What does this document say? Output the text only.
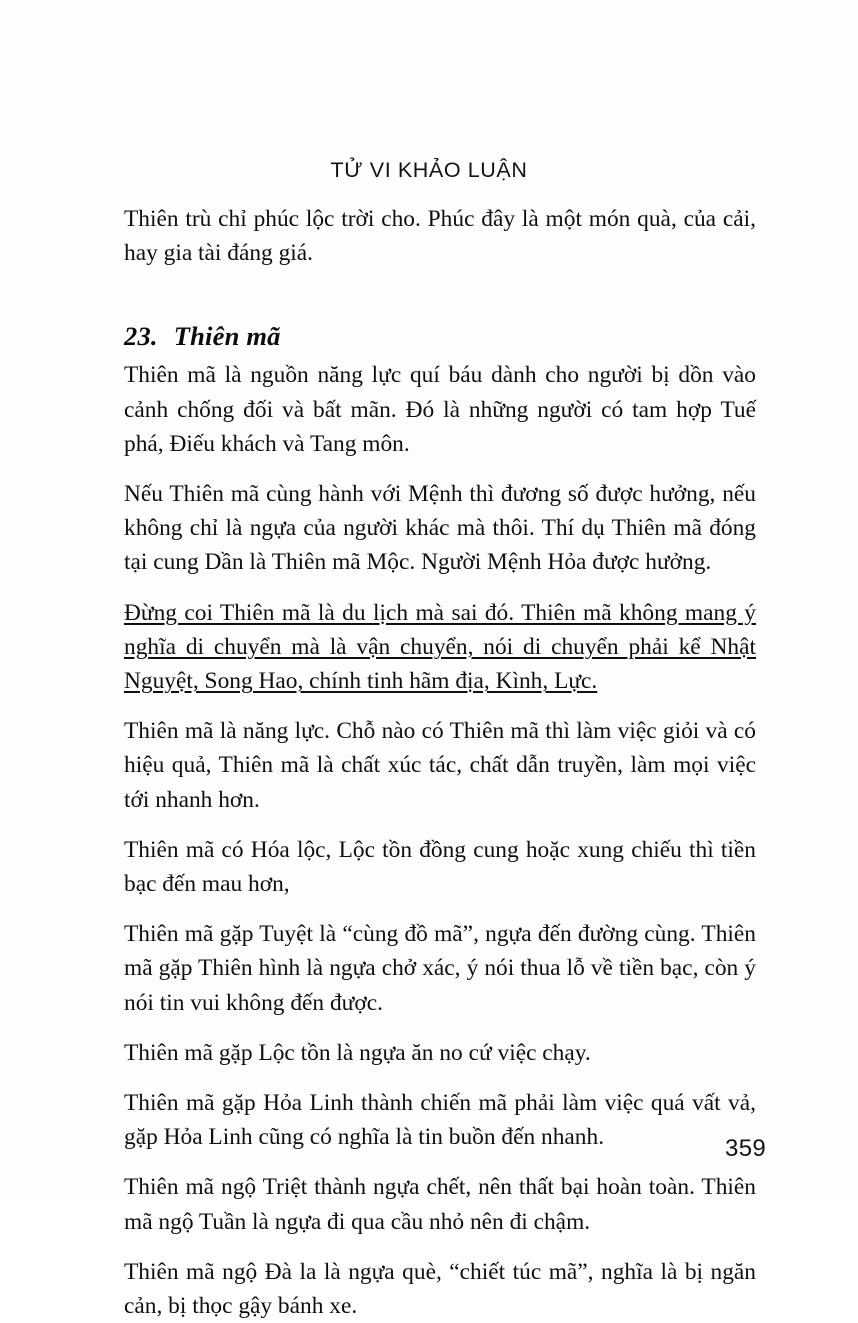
TỬ VI KHẢO LUẬN

Thiên trù chỉ phúc lộc trời cho. Phúc đây là một món quà, của cải, hay gia tài đáng giá.

23. Thiên mã

Thiên mã là nguồn năng lực quí báu dành cho người bị dồn vào cảnh chống đối và bất mãn. Đó là những người có tam hợp Tuế phá, Điếu khách và Tang môn.

Nếu Thiên mã cùng hành với Mệnh thì đương số được hưởng, nếu không chỉ là ngựa của người khác mà thôi. Thí dụ Thiên mã đóng tại cung Dần là Thiên mã Mộc. Người Mệnh Hỏa được hưởng.

Đừng coi Thiên mã là du lịch mà sai đó. Thiên mã không mang ý nghĩa di chuyển mà là vận chuyển, nói di chuyển phải kể Nhật Nguyệt, Song Hao, chính tinh hãm địa, Kình, Lực.

Thiên mã là năng lực. Chỗ nào có Thiên mã thì làm việc giỏi và có hiệu quả, Thiên mã là chất xúc tác, chất dẫn truyền, làm mọi việc tới nhanh hơn.

Thiên mã có Hóa lộc, Lộc tồn đồng cung hoặc xung chiếu thì tiền bạc đến mau hơn,

Thiên mã gặp Tuyệt là “cùng đồ mã”, ngựa đến đường cùng. Thiên mã gặp Thiên hình là ngựa chở xác, ý nói thua lỗ về tiền bạc, còn ý nói tin vui không đến được.

Thiên mã gặp Lộc tồn là ngựa ăn no cứ việc chạy.

Thiên mã gặp Hỏa Linh thành chiến mã phải làm việc quá vất vả, gặp Hỏa Linh cũng có nghĩa là tin buồn đến nhanh.

Thiên mã ngộ Triệt thành ngựa chết, nên thất bại hoàn toàn. Thiên mã ngộ Tuần là ngựa đi qua cầu nhỏ nên đi chậm.

Thiên mã ngộ Đà la là ngựa què, “chiết túc mã”, nghĩa là bị ngăn cản, bị thọc gậy bánh xe.

359
